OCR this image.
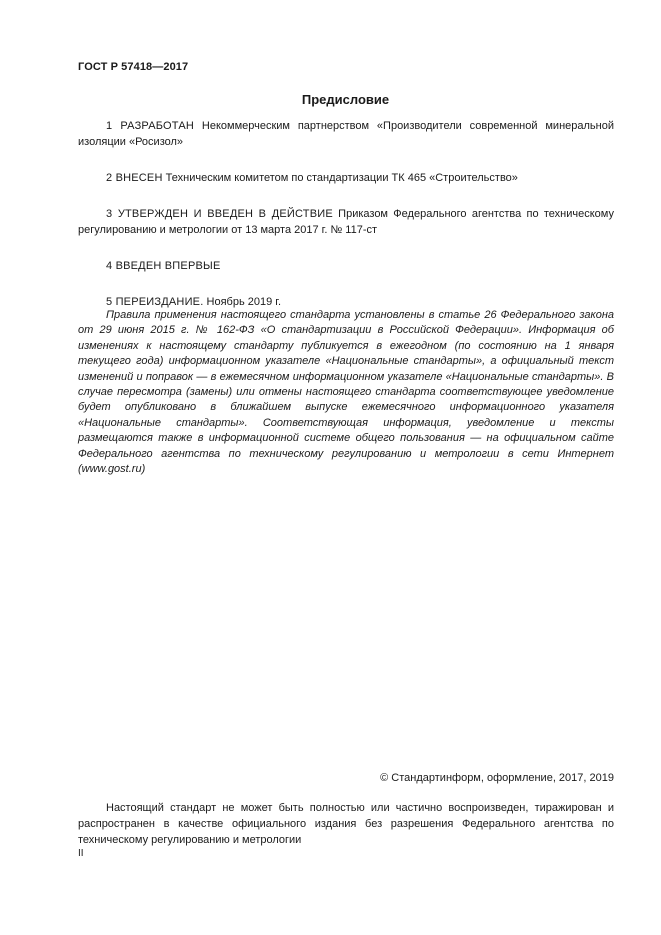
ГОСТ Р 57418—2017
Предисловие

1 РАЗРАБОТАН Некоммерческим партнерством «Производители современной минеральной изоляции «Росизол»

2 ВНЕСЕН Техническим комитетом по стандартизации ТК 465 «Строительство»

3 УТВЕРЖДЕН И ВВЕДЕН В ДЕЙСТВИЕ Приказом Федерального агентства по техническому регулированию и метрологии от 13 марта 2017 г. № 117-ст

4 ВВЕДЕН ВПЕРВЫЕ

5 ПЕРЕИЗДАНИЕ. Ноябрь 2019 г.

Правила применения настоящего стандарта установлены в статье 26 Федерального закона от 29 июня 2015 г. № 162-ФЗ «О стандартизации в Российской Федерации». Информация об изменениях к настоящему стандарту публикуется в ежегодном (по состоянию на 1 января текущего года) информационном указателе «Национальные стандарты», а официальный текст изменений и поправок — в ежемесячном информационном указателе «Национальные стандарты». В случае пересмотра (замены) или отмены настоящего стандарта соответствующее уведомление будет опубликовано в ближайшем выпуске ежемесячного информационного указателя «Национальные стандарты». Соответствующая информация, уведомление и тексты размещаются также в информационной системе общего пользования — на официальном сайте Федерального агентства по техническому регулированию и метрологии в сети Интернет (www.gost.ru)

© Стандартинформ, оформление, 2017, 2019

Настоящий стандарт не может быть полностью или частично воспроизведен, тиражирован и распространен в качестве официального издания без разрешения Федерального агентства по техническому регулированию и метрологии

II
